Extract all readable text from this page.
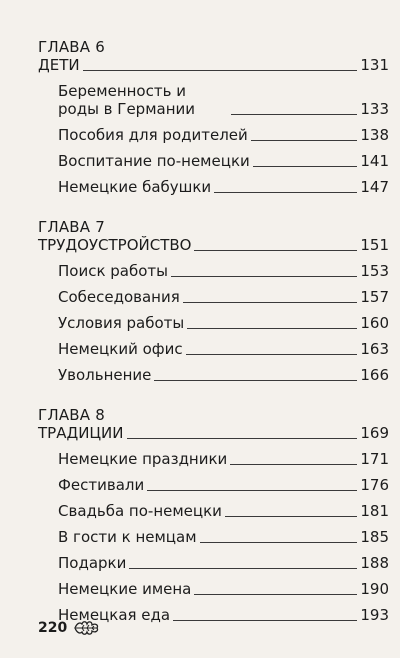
ГЛАВА 6
ДЕТИ	131
Беременность и роды в Германии	133
Пособия для родителей	138
Воспитание по-немецки	141
Немецкие бабушки	147
ГЛАВА 7
ТРУДОУСТРОЙСТВО	151
Поиск работы	153
Собеседования	157
Условия работы	160
Немецкий офис	163
Увольнение	166
ГЛАВА 8
ТРАДИЦИИ	169
Немецкие праздники	171
Фестивали	176
Свадьба по-немецки	181
В гости к немцам	185
Подарки	188
Немецкие имена	190
Немецкая еда	193
220
